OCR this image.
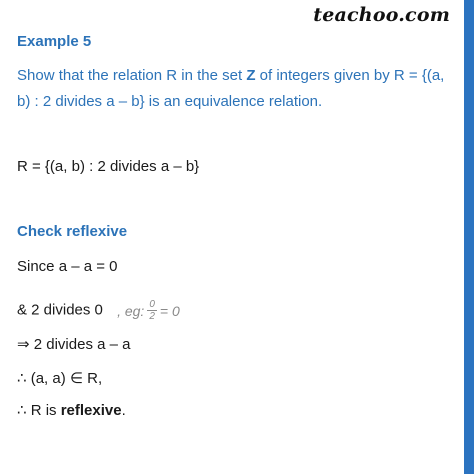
teachoo.com
Example 5
Show that the relation R in the set Z of integers given by R = {(a, b) : 2 divides a – b} is an equivalence relation.
R = {(a, b) : 2 divides a – b}
Check reflexive
Since a – a = 0
& 2 divides 0 , eg: $\frac{0}{2} = 0$
⇒ 2 divides a – a
∴ (a, a) ∈ R,
∴ R is reflexive.
